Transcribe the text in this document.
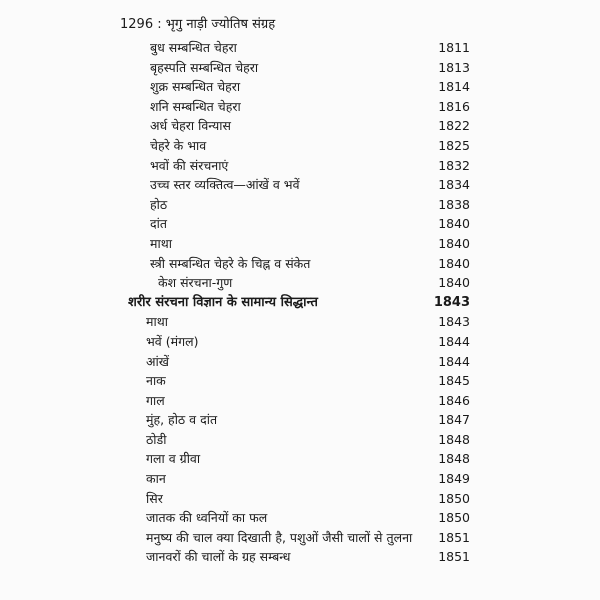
1296 : भृगु नाड़ी ज्योतिष संग्रह
बुध सम्बन्धित चेहरा	1811
बृहस्पति सम्बन्धित चेहरा	1813
शुक्र सम्बन्धित चेहरा	1814
शनि सम्बन्धित चेहरा	1816
अर्ध चेहरा विन्यास	1822
चेहरे के भाव	1825
भवों की संरचनाएं	1832
उच्च स्तर व्यक्तित्व—आंखें व भवें	1834
होठ	1838
दांत	1840
माथा	1840
स्त्री सम्बन्धित चेहरे के चिह्न व संकेत	1840
केश संरचना-गुण	1840
शरीर संरचना विज्ञान के सामान्य सिद्धान्त	1843
माथा	1843
भवें (मंगल)	1844
आंखें	1844
नाक	1845
गाल	1846
मुंह, होठ व दांत	1847
ठोडी	1848
गला व ग्रीवा	1848
कान	1849
सिर	1850
जातक की ध्वनियों का फल	1850
मनुष्य की चाल क्या दिखाती है, पशुओं जैसी चालों से तुलना 1851
जानवरों की चालों के ग्रह सम्बन्ध	1851
